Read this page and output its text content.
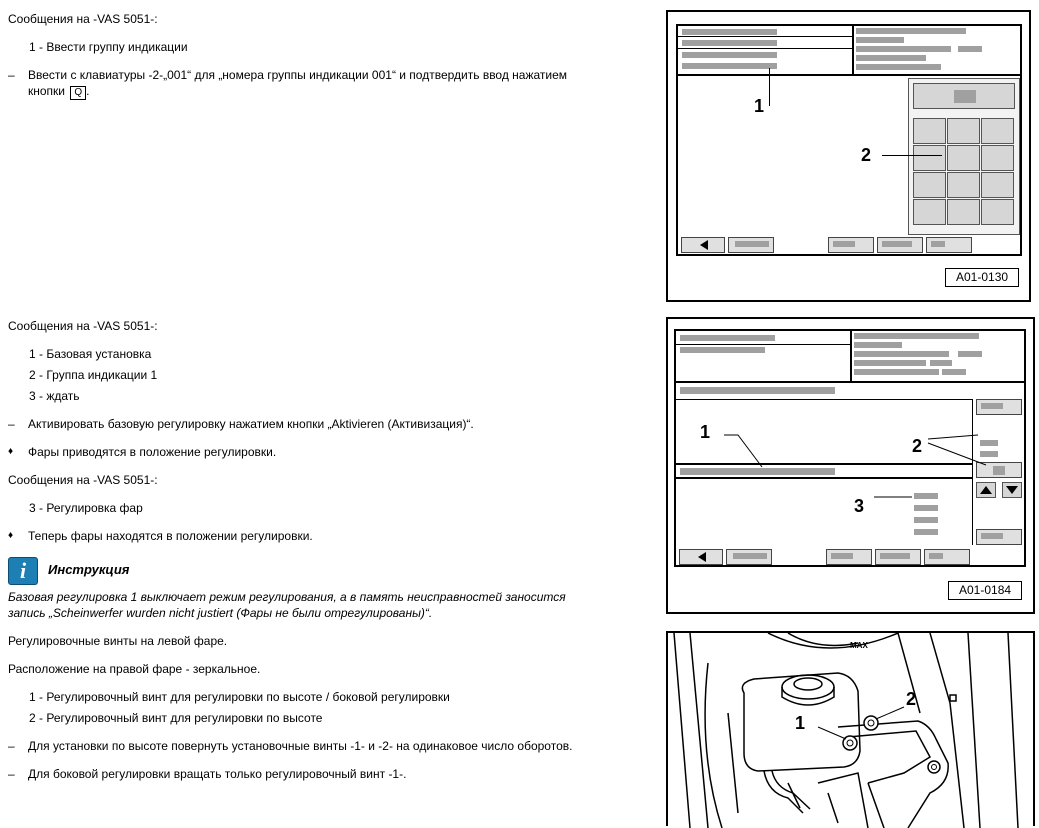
Сообщения на -VAS 5051-:
1 - Ввести группу индикации
–	Ввести с клавиатуры -2-„001“ для „номера группы индикации 001“ и подтвердить ввод нажатием
кнопки Q .
Сообщения на -VAS 5051-:
1 - Базовая установка
2 - Группа индикации 1
3 - ждать
–	Активировать базовую регулировку нажатием кнопки „Aktivieren (Активизация)“.
♦	Фары приводятся в положение регулировки.
Сообщения на -VAS 5051-:
3 - Регулировка фар
♦	Теперь фары находятся в положении регулировки.
i	Инструкция
Базовая регулировка 1 выключает режим регулирования, а в память неисправностей заносится
запись „Scheinwerfer wurden nicht justiert (Фары не были отрегулированы)“.
Регулировочные винты на левой фаре.
Расположение на правой фаре - зеркальное.
1 - Регулировочный винт для регулировки по высоте / боковой регулировки
2 - Регулировочный винт для регулировки по высоте
–	Для установки по высоте повернуть установочные винты -1- и -2- на одинаковое число оборотов.
–	Для боковой регулировки вращать только регулировочный винт -1-.
1
2
A01-0130
1
2
3
A01-0184
MAX
1
2
